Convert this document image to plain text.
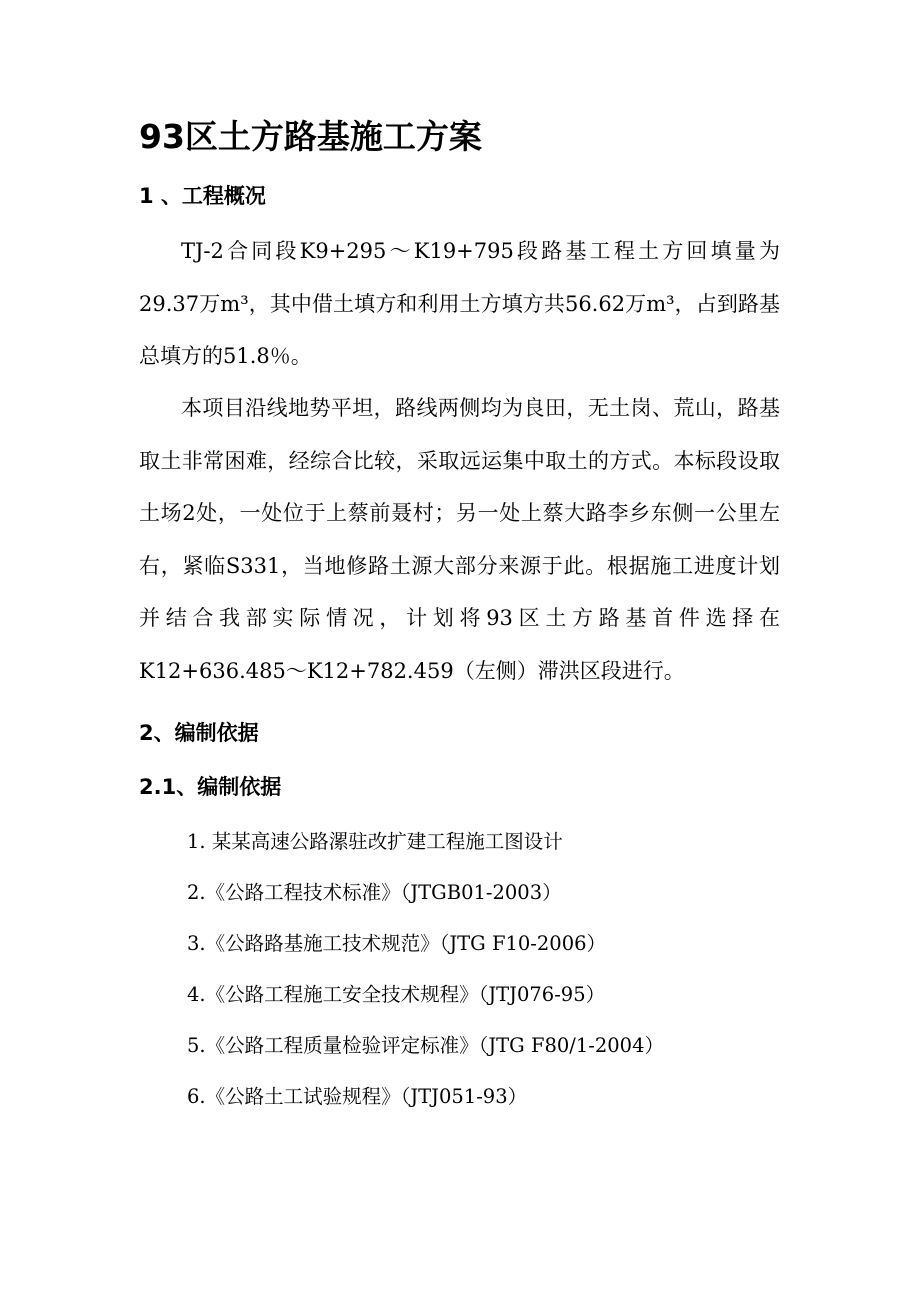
93区土方路基施工方案
1 、工程概况
TJ-2合同段K9+295～K19+795段路基工程土方回填量为29.37万m³，其中借土填方和利用土方填方共56.62万m³，占到路基总填方的51.8％。
本项目沿线地势平坦，路线两侧均为良田，无土岗、荒山，路基取土非常困难，经综合比较，采取远运集中取土的方式。本标段设取土场2处，一处位于上蔡前聂村；另一处上蔡大路李乡东侧一公里左右，紧临S331，当地修路土源大部分来源于此。根据施工进度计划并结合我部实际情况，计划将93区土方路基首件选择在K12+636.485～K12+782.459（左侧）滞洪区段进行。
2、编制依据
2.1、编制依据
1. 某某高速公路漯驻改扩建工程施工图设计
2.《公路工程技术标准》（JTGB01-2003）
3.《公路路基施工技术规范》（JTG F10-2006）
4.《公路工程施工安全技术规程》（JTJ076-95）
5.《公路工程质量检验评定标准》（JTG F80/1-2004）
6.《公路土工试验规程》（JTJ051-93）
